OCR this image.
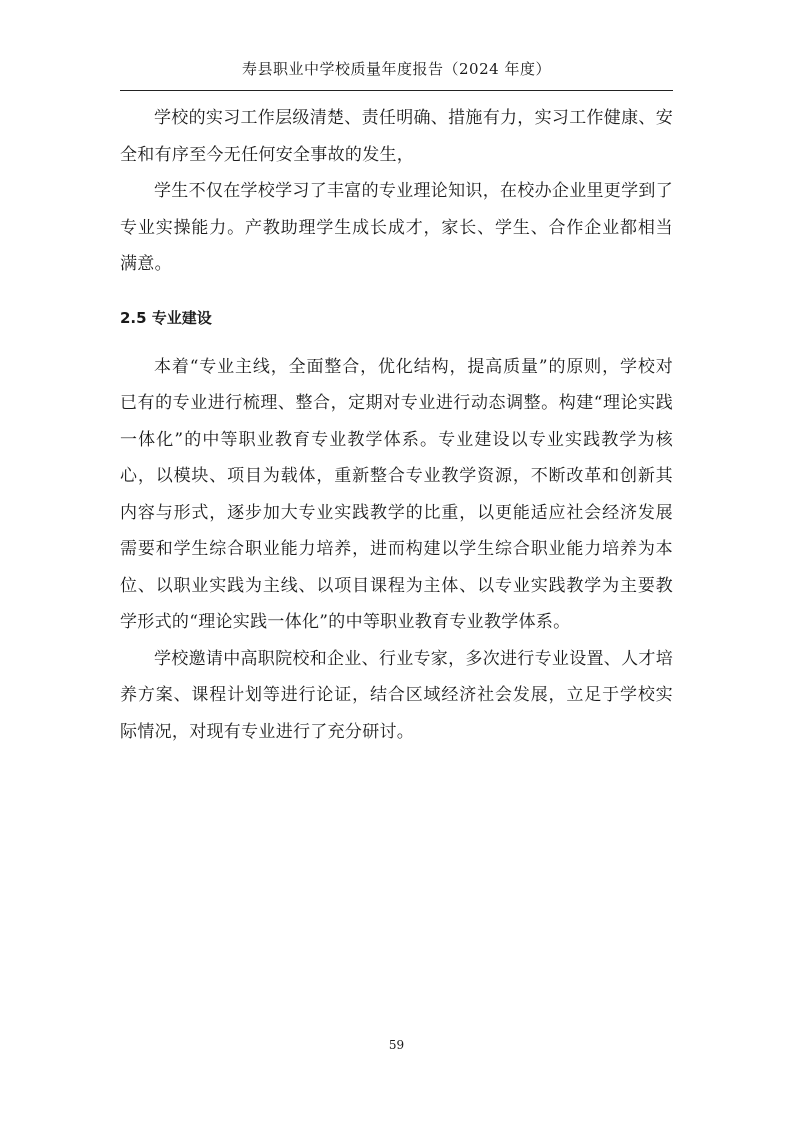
寿县职业中学校质量年度报告（2024 年度）

学校的实习工作层级清楚、责任明确、措施有力，实习工作健康、安全和有序至今无任何安全事故的发生，

学生不仅在学校学习了丰富的专业理论知识，在校办企业里更学到了专业实操能力。产教助理学生成长成才，家长、学生、合作企业都相当满意。

2.5 专业建设

本着“专业主线，全面整合，优化结构，提高质量”的原则，学校对已有的专业进行梳理、整合，定期对专业进行动态调整。构建“理论实践一体化”的中等职业教育专业教学体系。专业建设以专业实践教学为核心，以模块、项目为载体，重新整合专业教学资源，不断改革和创新其内容与形式，逐步加大专业实践教学的比重，以更能适应社会经济发展需要和学生综合职业能力培养，进而构建以学生综合职业能力培养为本位、以职业实践为主线、以项目课程为主体、以专业实践教学为主要教学形式的“理论实践一体化”的中等职业教育专业教学体系。

学校邀请中高职院校和企业、行业专家，多次进行专业设置、人才培养方案、课程计划等进行论证，结合区域经济社会发展，立足于学校实际情况，对现有专业进行了充分研讨。

59
